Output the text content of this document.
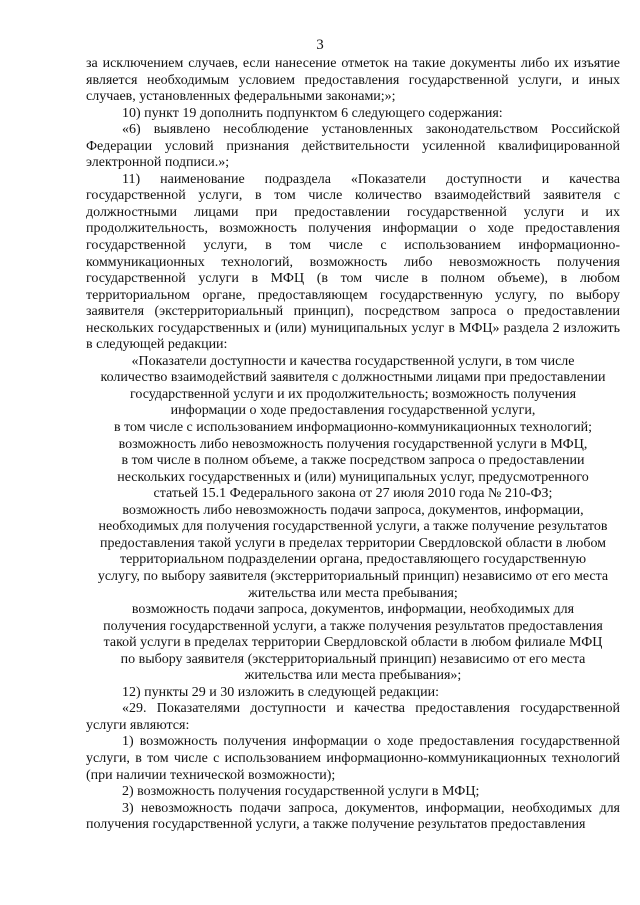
3

за исключением случаев, если нанесение отметок на такие документы либо их изъятие является необходимым условием предоставления государственной услуги, и иных случаев, установленных федеральными законами;»;

10) пункт 19 дополнить подпунктом 6 следующего содержания:

«6) выявлено несоблюдение установленных законодательством Российской Федерации условий признания действительности усиленной квалифицированной электронной подписи.»;

11) наименование подраздела «Показатели доступности и качества государственной услуги, в том числе количество взаимодействий заявителя с должностными лицами при предоставлении государственной услуги и их продолжительность, возможность получения информации о ходе предоставления государственной услуги, в том числе с использованием информационно-коммуникационных технологий, возможность либо невозможность получения государственной услуги в МФЦ (в том числе в полном объеме), в любом территориальном органе, предоставляющем государственную услугу, по выбору заявителя (экстерриториальный принцип), посредством запроса о предоставлении нескольких государственных и (или) муниципальных услуг в МФЦ» раздела 2 изложить в следующей редакции:

«Показатели доступности и качества государственной услуги, в том числе
количество взаимодействий заявителя с должностными лицами при предоставлении
государственной услуги и их продолжительность; возможность получения
информации о ходе предоставления государственной услуги,
в том числе с использованием информационно-коммуникационных технологий;
возможность либо невозможность получения государственной услуги в МФЦ,
в том числе в полном объеме, а также посредством запроса о предоставлении
нескольких государственных и (или) муниципальных услуг, предусмотренного
статьей 15.1 Федерального закона от 27 июля 2010 года № 210-ФЗ;
возможность либо невозможность подачи запроса, документов, информации,
необходимых для получения государственной услуги, а также получение результатов
предоставления такой услуги в пределах территории Свердловской области в любом
территориальном подразделении органа, предоставляющего государственную
услугу, по выбору заявителя (экстерриториальный принцип) независимо от его места
жительства или места пребывания;
возможность подачи запроса, документов, информации, необходимых для
получения государственной услуги, а также получения результатов предоставления
такой услуги в пределах территории Свердловской области в любом филиале МФЦ
по выбору заявителя (экстерриториальный принцип) независимо от его места
жительства или места пребывания»;

12) пункты 29 и 30 изложить в следующей редакции:

«29. Показателями доступности и качества предоставления государственной услуги являются:

1) возможность получения информации о ходе предоставления государственной услуги, в том числе с использованием информационно-коммуникационных технологий (при наличии технической возможности);

2) возможность получения государственной услуги в МФЦ;

3) невозможность подачи запроса, документов, информации, необходимых для получения государственной услуги, а также получение результатов предоставления
